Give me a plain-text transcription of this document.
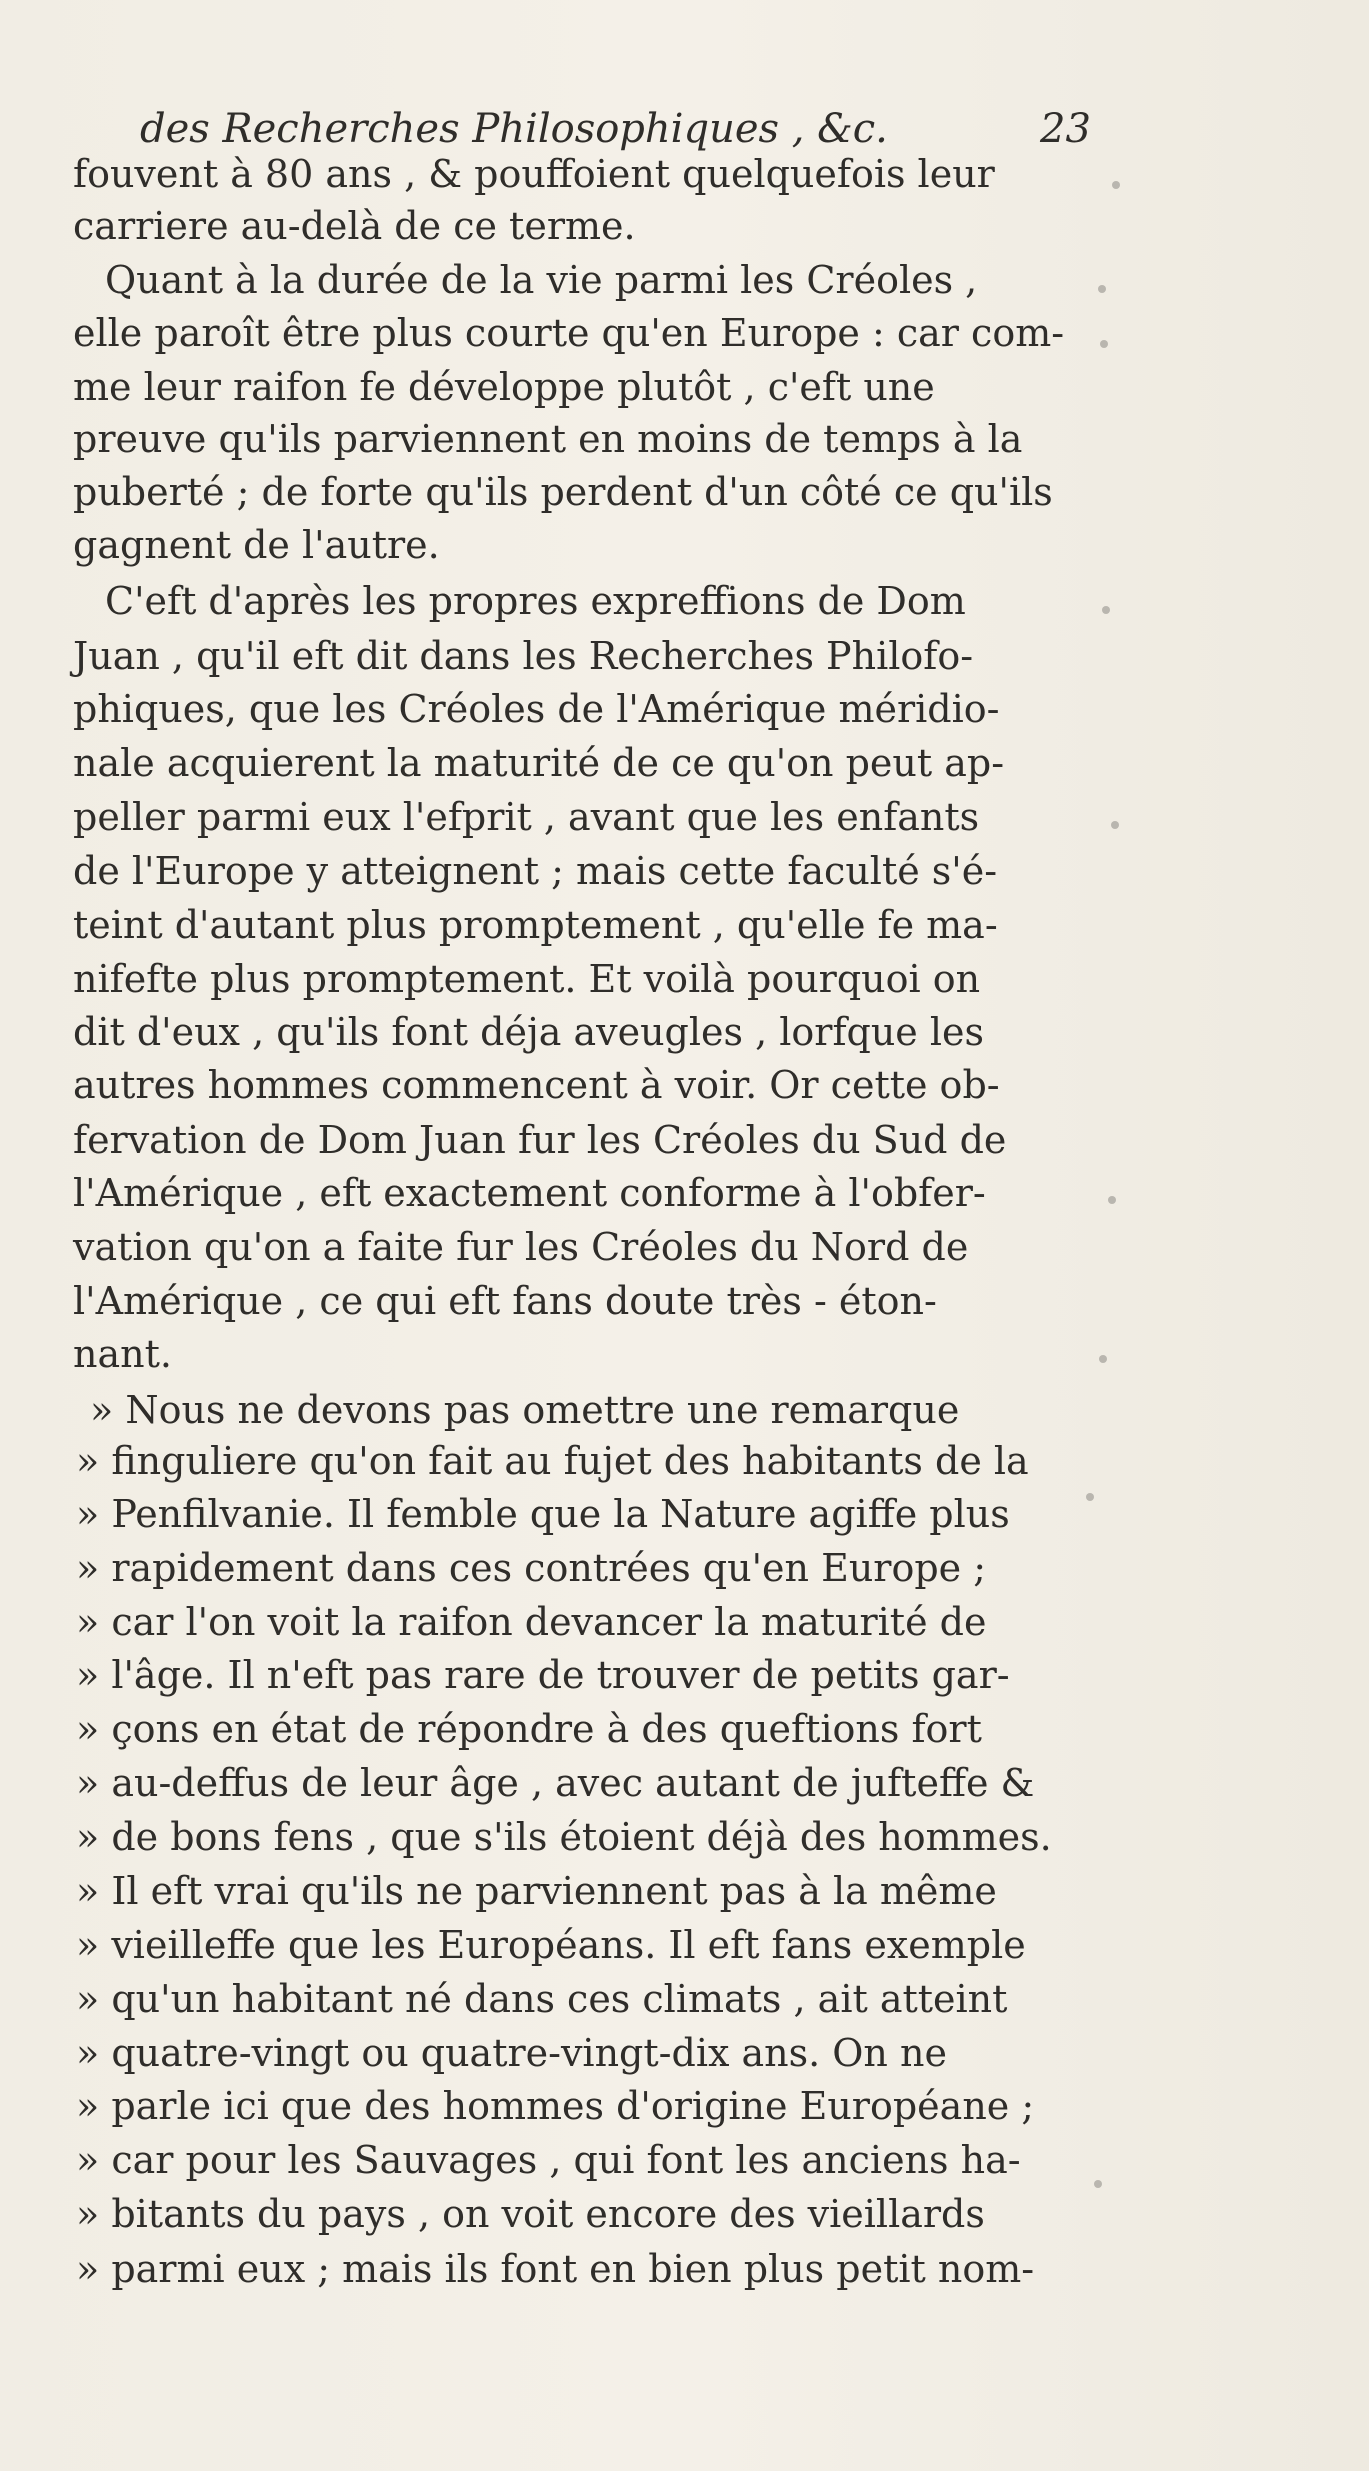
des Recherches Philosophiques , &c.	23
fouvent à 80 ans , & pouffoient quelquefois leur
carriere au-delà de ce terme.
Quant à la durée de la vie parmi les Créoles ,
elle paroît être plus courte qu'en Europe : car com-
me leur raifon fe développe plutôt , c'eft une
preuve qu'ils parviennent en moins de temps à la
puberté ; de forte qu'ils perdent d'un côté ce qu'ils
gagnent de l'autre.
C'eft d'après les propres expreffions de Dom
Juan , qu'il eft dit dans les Recherches Philofo-
phiques, que les Créoles de l'Amérique méridio-
nale acquierent la maturité de ce qu'on peut ap-
peller parmi eux l'efprit , avant que les enfants
de l'Europe y atteignent ; mais cette faculté s'é-
teint d'autant plus promptement , qu'elle fe ma-
nifefte plus promptement. Et voilà pourquoi on
dit d'eux , qu'ils font déja aveugles , lorfque les
autres hommes commencent à voir. Or cette ob-
fervation de Dom Juan fur les Créoles du Sud de
l'Amérique , eft exactement conforme à l'obfer-
vation qu'on a faite fur les Créoles du Nord de
l'Amérique , ce qui eft fans doute très - éton-
nant.
» Nous ne devons pas omettre une remarque
» finguliere qu'on fait au fujet des habitants de la
» Penfilvanie. Il femble que la Nature agiffe plus
» rapidement dans ces contrées qu'en Europe ;
» car l'on voit la raifon devancer la maturité de
» l'âge. Il n'eft pas rare de trouver de petits gar-
» çons en état de répondre à des queftions fort
» au-deffus de leur âge , avec autant de jufteffe &
» de bons fens , que s'ils étoient déjà des hommes.
» Il eft vrai qu'ils ne parviennent pas à la même
» vieilleffe que les Européans. Il eft fans exemple
» qu'un habitant né dans ces climats , ait atteint
» quatre-vingt ou quatre-vingt-dix ans. On ne
» parle ici que des hommes d'origine Européane ;
» car pour les Sauvages , qui font les anciens ha-
» bitants du pays , on voit encore des vieillards
» parmi eux ; mais ils font en bien plus petit nom-
